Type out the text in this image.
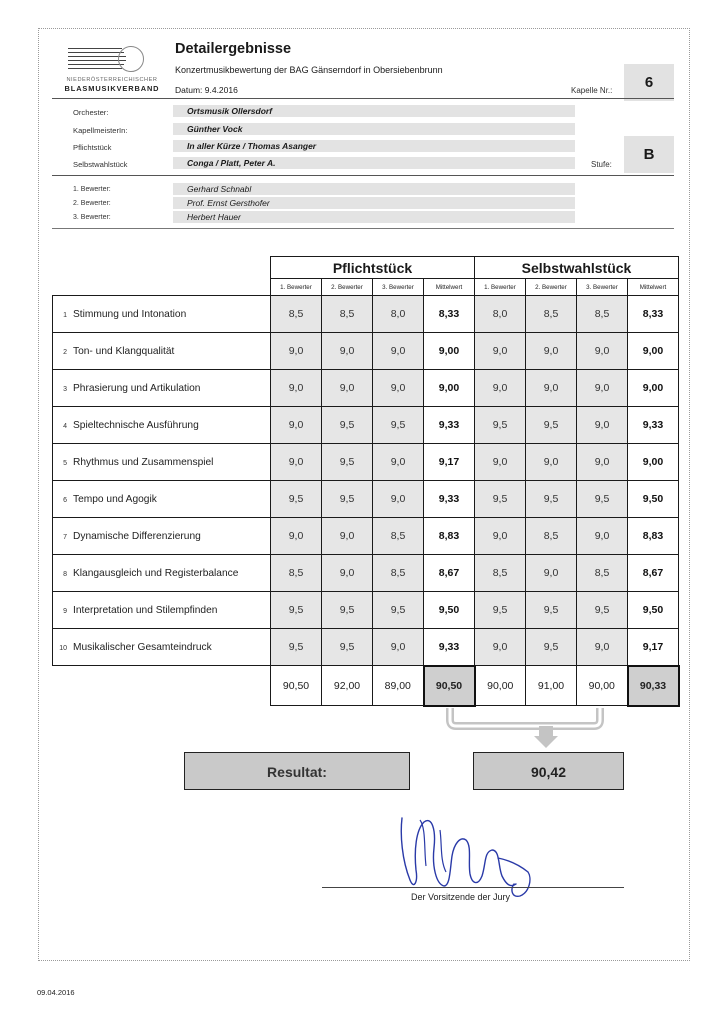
NIEDERÖSTERREICHISCHER
BLASMUSIKVERBAND
Detailergebnisse
Konzertmusikbewertung der BAG Gänserndorf in Obersiebenbrunn
Datum: 9.4.2016	Kapelle Nr.:	6
Orchester:	Ortsmusik Ollersdorf
KapellmeisterIn:	Günther Vock
Pflichtstück	In aller Kürze / Thomas Asanger
Selbstwahlstück	Conga / Platt, Peter A.	Stufe:
B
1. Bewerter:	Gerhard Schnabl
2. Bewerter:	Prof. Ernst Gersthofer
3. Bewerter:	Herbert Hauer
	Pflichtstück				Selbstwahlstück			
	1. Bewerter	2. Bewerter	3. Bewerter	Mittelwert	1. Bewerter	2. Bewerter	3. Bewerter	Mittelwert
1 Stimmung und Intonation	8,5	8,5	8,0	8,33	8,0	8,5	8,5	8,33
2 Ton- und Klangqualität	9,0	9,0	9,0	9,00	9,0	9,0	9,0	9,00
3 Phrasierung und Artikulation	9,0	9,0	9,0	9,00	9,0	9,0	9,0	9,00
4 Spieltechnische Ausführung	9,0	9,5	9,5	9,33	9,5	9,5	9,0	9,33
5 Rhythmus und Zusammenspiel	9,0	9,5	9,0	9,17	9,0	9,0	9,0	9,00
6 Tempo und Agogik	9,5	9,5	9,0	9,33	9,5	9,5	9,5	9,50
7 Dynamische Differenzierung	9,0	9,0	8,5	8,83	9,0	8,5	9,0	8,83
8 Klangausgleich und Registerbalance	8,5	9,0	8,5	8,67	8,5	9,0	8,5	8,67
9 Interpretation und Stilempfinden	9,5	9,5	9,5	9,50	9,5	9,5	9,5	9,50
10 Musikalischer Gesamteindruck	9,5	9,5	9,0	9,33	9,0	9,5	9,0	9,17
	90,50	92,00	89,00	90,50	90,00	91,00	90,00	90,33
Resultat:	90,42
Der Vorsitzende der Jury
09.04.2016
